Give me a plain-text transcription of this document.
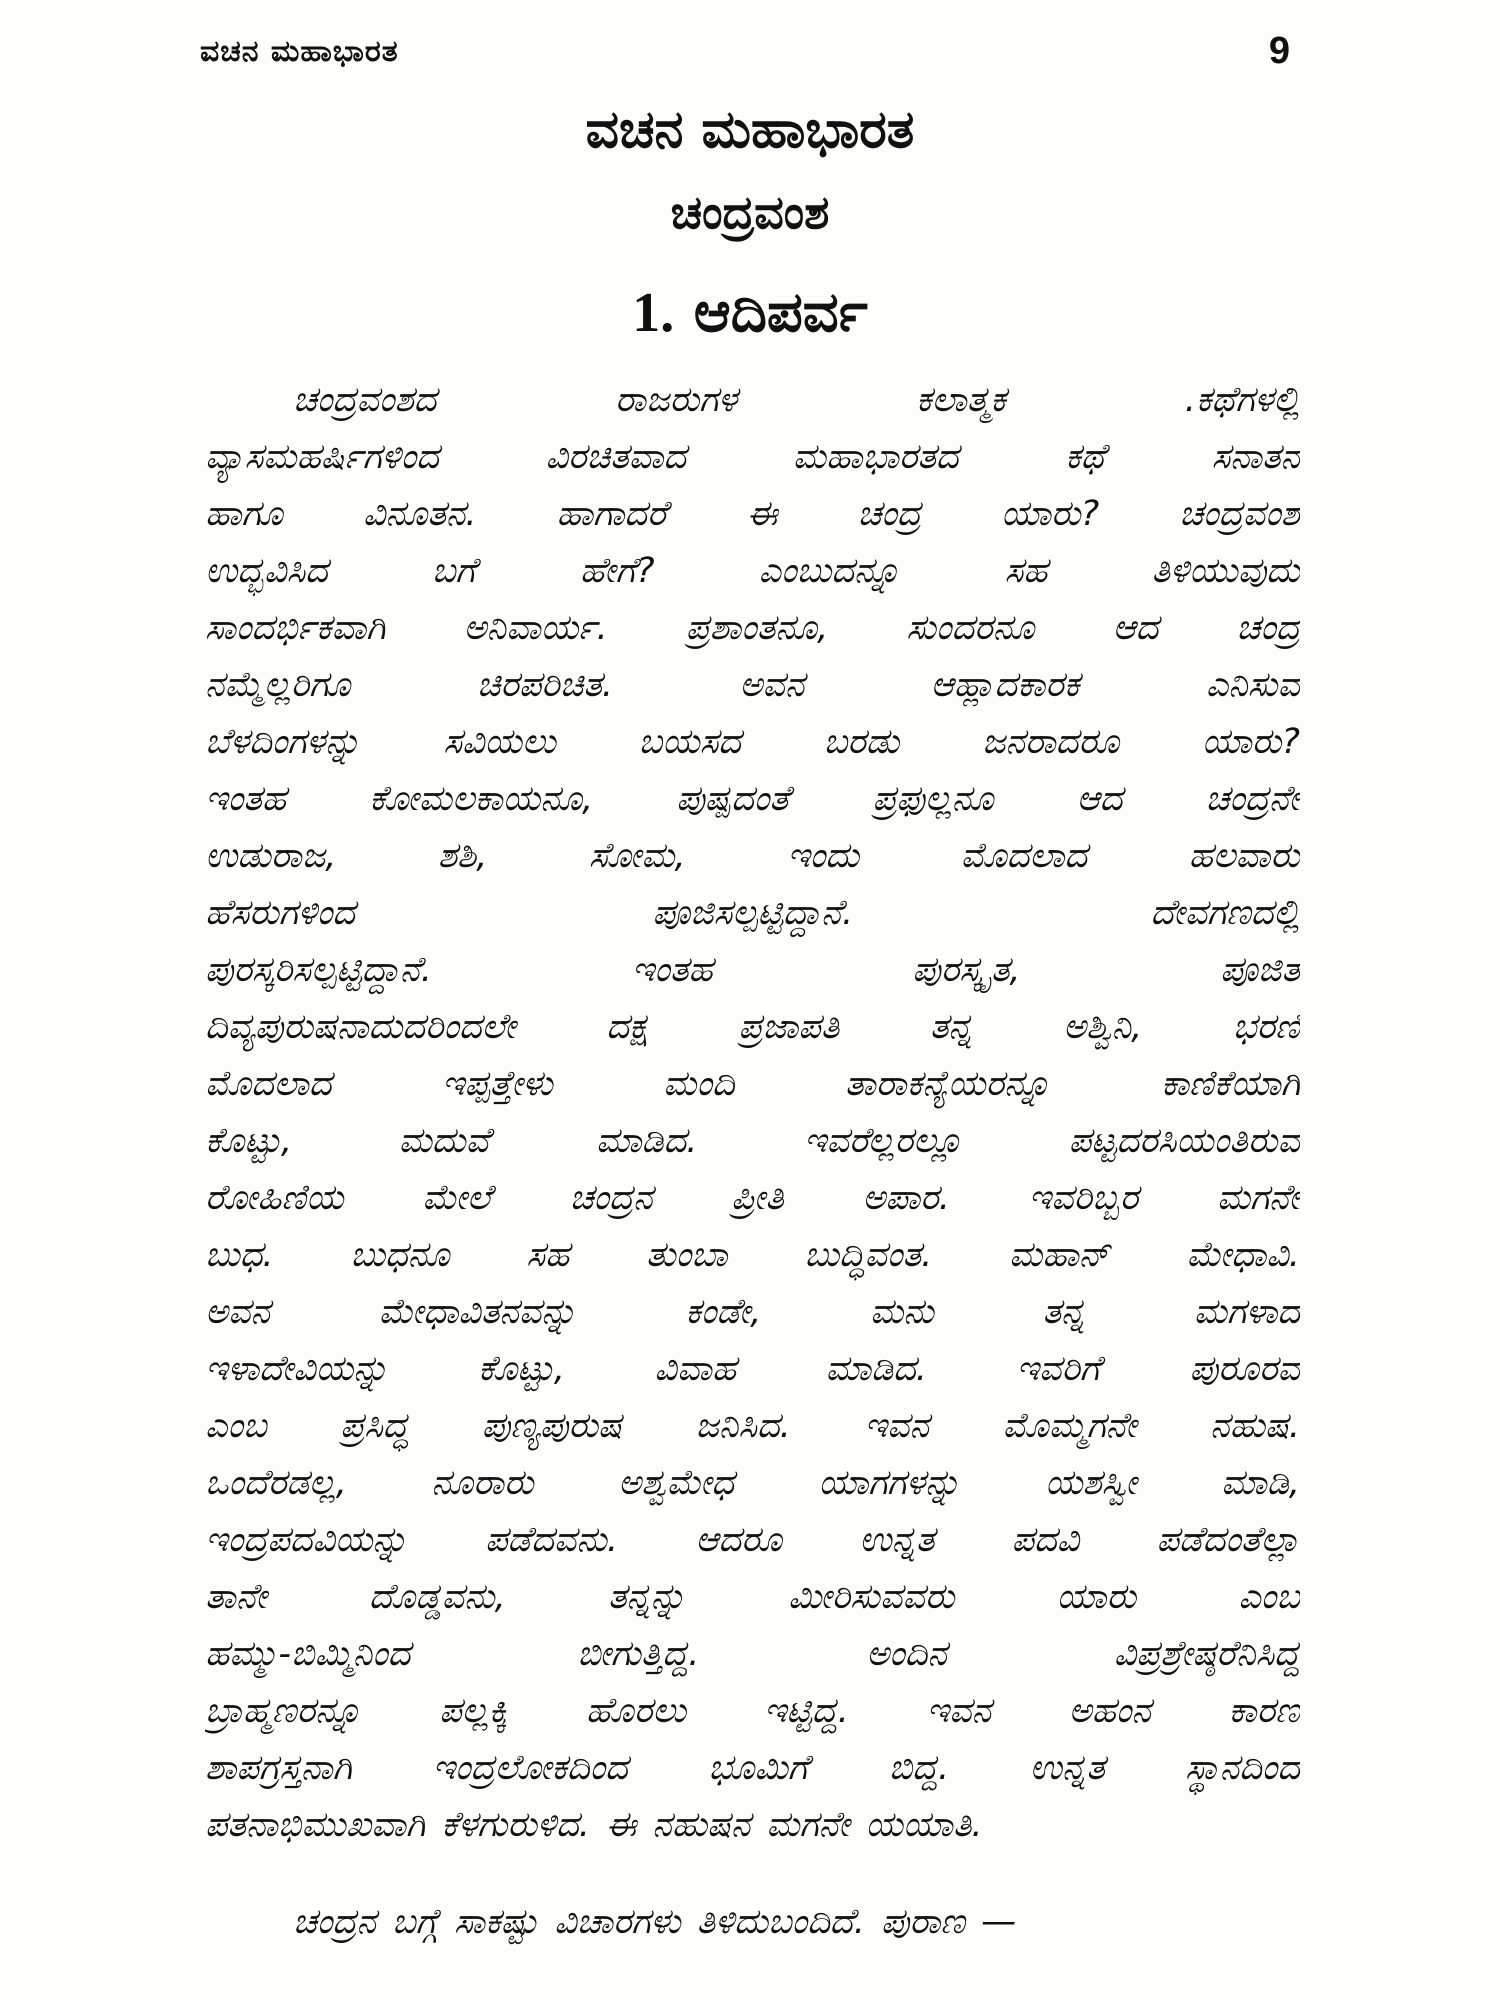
ವಚನ ಮಹಾಭಾರತ	9
ವಚನ ಮಹಾಭಾರತ
ಚಂದ್ರವಂಶ
1. ಆದಿಪರ್ವ
ಚಂದ್ರವಂಶದ	ರಾಜರುಗಳ	ಕಲಾತ್ಮಕ	.ಕಥೆಗಳಲ್ಲಿ
ವ್ಯಾಸಮಹರ್ಷಿಗಳಿಂದ	ವಿರಚಿತವಾದ	ಮಹಾಭಾರತದ	ಕಥೆ	ಸನಾತನ
ಹಾಗೂ ವಿನೂತನ. ಹಾಗಾದರೆ ಈ ಚಂದ್ರ ಯಾರು? ಚಂದ್ರವಂಶ
ಉದ್ಭವಿಸಿದ	ಬಗೆ	ಹೇಗೆ?	ಎಂಬುದನ್ನೂ	ಸಹ	ತಿಳಿಯುವುದು
ಸಾಂದರ್ಭಿಕವಾಗಿ ಅನಿವಾರ್ಯ. ಪ್ರಶಾಂತನೂ, ಸುಂದರನೂ ಆದ ಚಂದ್ರ
ನಮ್ಮೆಲ್ಲರಿಗೂ	ಚಿರಪರಿಚಿತ.	ಅವನ	ಆಹ್ಲಾದಕಾರಕ	ಎನಿಸುವ
ಬೆಳದಿಂಗಳನ್ನು ಸವಿಯಲು ಬಯಸದ ಬರಡು ಜನರಾದರೂ ಯಾರು?
ಇಂತಹ ಕೋಮಲಕಾಯನೂ, ಪುಷ್ಪದಂತೆ ಪ್ರಫುಲ್ಲನೂ ಆದ ಚಂದ್ರನೇ
ಉಡುರಾಜ,	ಶಶಿ,	ಸೋಮ,	ಇಂದು	ಮೊದಲಾದ	ಹಲವಾರು
ಹೆಸರುಗಳಿಂದ	ಪೂಜಿಸಲ್ಪಟ್ಟಿದ್ದಾನೆ.	ದೇವಗಣದಲ್ಲಿ
ಪುರಸ್ಕರಿಸಲ್ಪಟ್ಟಿದ್ದಾನೆ.	ಇಂತಹ	ಪುರಸ್ಕೃತ,	ಪೂಜಿತ
ದಿವ್ಯಪುರುಷನಾದುದರಿಂದಲೇ	ದಕ್ಷ	ಪ್ರಜಾಪತಿ	ತನ್ನ	ಅಶ್ವಿನಿ,	ಭರಣಿ
ಮೊದಲಾದ	ಇಪ್ಪತ್ತೇಳು	ಮಂದಿ	ತಾರಾಕನ್ಯೆಯರನ್ನೂ	ಕಾಣಿಕೆಯಾಗಿ
ಕೊಟ್ಟು,	ಮದುವೆ	ಮಾಡಿದ.	ಇವರೆಲ್ಲರಲ್ಲೂ	ಪಟ್ಟದರಸಿಯಂತಿರುವ
ರೋಹಿಣಿಯ ಮೇಲೆ ಚಂದ್ರನ ಪ್ರೀತಿ ಅಪಾರ. ಇವರಿಬ್ಬರ ಮಗನೇ
ಬುಧ. ಬುಧನೂ ಸಹ ತುಂಬಾ ಬುದ್ಧಿವಂತ. ಮಹಾನ್ ಮೇಧಾವಿ.
ಅವನ	ಮೇಧಾವಿತನವನ್ನು	ಕಂಡೇ,	ಮನು	ತನ್ನ	ಮಗಳಾದ
ಇಳಾದೇವಿಯನ್ನು	ಕೊಟ್ಟು,	ವಿವಾಹ	ಮಾಡಿದ.	ಇವರಿಗೆ	ಪುರೂರವ
ಎಂಬ ಪ್ರಸಿದ್ಧ ಪುಣ್ಯಪುರುಷ ಜನಿಸಿದ. ಇವನ ಮೊಮ್ಮಗನೇ ನಹುಷ.
ಒಂದೆರಡಲ್ಲ, ನೂರಾರು ಅಶ್ವಮೇಧ ಯಾಗಗಳನ್ನು ಯಶಸ್ವೀ ಮಾಡಿ,
ಇಂದ್ರಪದವಿಯನ್ನು ಪಡೆದವನು. ಆದರೂ ಉನ್ನತ ಪದವಿ ಪಡೆದಂತೆಲ್ಲಾ
ತಾನೇ	ದೊಡ್ಡವನು,	ತನ್ನನ್ನು	ಮೀರಿಸುವವರು	ಯಾರು	ಎಂಬ
ಹಮ್ಮು-ಬಿಮ್ಮಿನಿಂದ	ಬೀಗುತ್ತಿದ್ದ.	ಅಂದಿನ	ವಿಪ್ರಶ್ರೇಷ್ಠರೆನಿಸಿದ್ದ
ಬ್ರಾಹ್ಮಣರನ್ನೂ ಪಲ್ಲಕ್ಕಿ ಹೊರಲು ಇಟ್ಟಿದ್ದ. ಇವನ ಅಹಂನ ಕಾರಣ
ಶಾಪಗ್ರಸ್ತನಾಗಿ ಇಂದ್ರಲೋಕದಿಂದ ಭೂಮಿಗೆ ಬಿದ್ದ. ಉನ್ನತ ಸ್ಥಾನದಿಂದ
ಪತನಾಭಿಮುಖವಾಗಿ ಕೆಳಗುರುಳಿದ. ಈ ನಹುಷನ ಮಗನೇ ಯಯಾತಿ.
ಚಂದ್ರನ ಬಗ್ಗೆ ಸಾಕಷ್ಟು ವಿಚಾರಗಳು ತಿಳಿದುಬಂದಿದೆ. ಪುರಾಣ —
